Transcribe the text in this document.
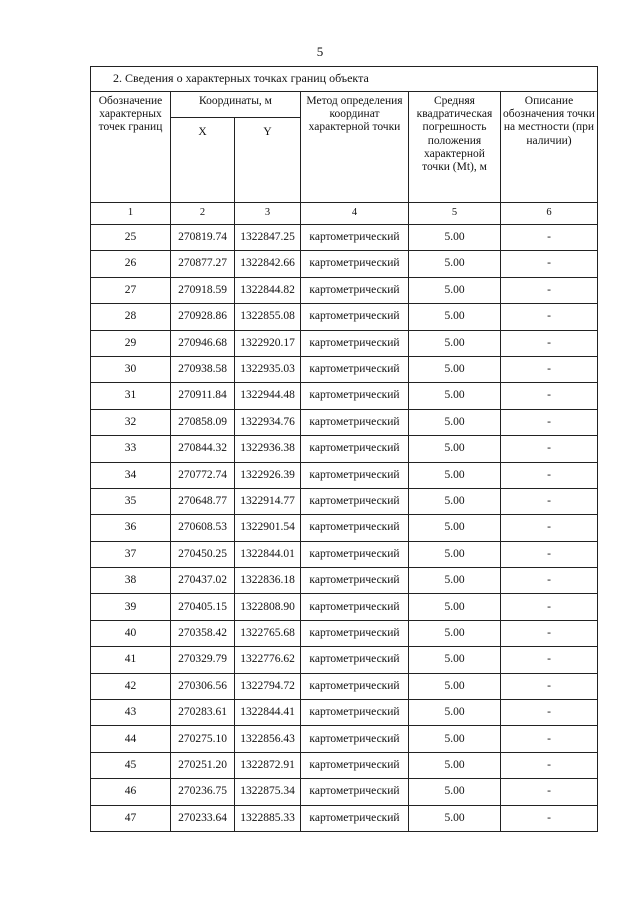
5
2. Сведения о характерных точках границ объекта					
Обозначение характерных точек границ	Координаты, м		Метод определения координат характерной точки	Средняя квадратическая погрешность положения характерной точки (Mt), м	Описание обозначения точки на местности (при наличии)
	X	Y			
1	2	3	4	5	6
25	270819.74	1322847.25	картометрический	5.00	-
26	270877.27	1322842.66	картометрический	5.00	-
27	270918.59	1322844.82	картометрический	5.00	-
28	270928.86	1322855.08	картометрический	5.00	-
29	270946.68	1322920.17	картометрический	5.00	-
30	270938.58	1322935.03	картометрический	5.00	-
31	270911.84	1322944.48	картометрический	5.00	-
32	270858.09	1322934.76	картометрический	5.00	-
33	270844.32	1322936.38	картометрический	5.00	-
34	270772.74	1322926.39	картометрический	5.00	-
35	270648.77	1322914.77	картометрический	5.00	-
36	270608.53	1322901.54	картометрический	5.00	-
37	270450.25	1322844.01	картометрический	5.00	-
38	270437.02	1322836.18	картометрический	5.00	-
39	270405.15	1322808.90	картометрический	5.00	-
40	270358.42	1322765.68	картометрический	5.00	-
41	270329.79	1322776.62	картометрический	5.00	-
42	270306.56	1322794.72	картометрический	5.00	-
43	270283.61	1322844.41	картометрический	5.00	-
44	270275.10	1322856.43	картометрический	5.00	-
45	270251.20	1322872.91	картометрический	5.00	-
46	270236.75	1322875.34	картометрический	5.00	-
47	270233.64	1322885.33	картометрический	5.00	-
